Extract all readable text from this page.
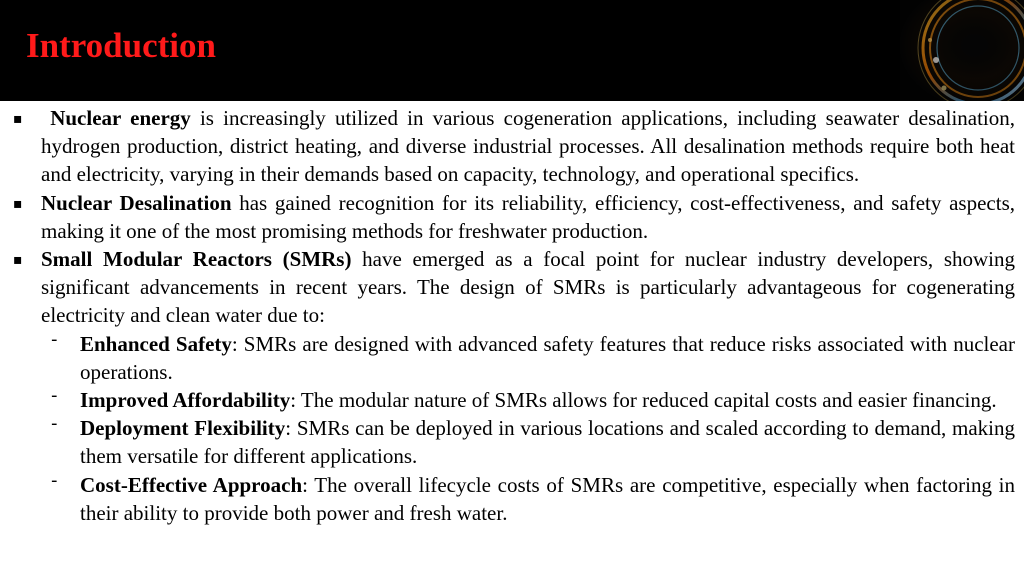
Introduction
▪ Nuclear energy is increasingly utilized in various cogeneration applications, including seawater desalination, hydrogen production, district heating, and diverse industrial processes. All desalination methods require both heat and electricity, varying in their demands based on capacity, technology, and operational specifics.
▪ Nuclear Desalination has gained recognition for its reliability, efficiency, cost-effectiveness, and safety aspects, making it one of the most promising methods for freshwater production.
▪ Small Modular Reactors (SMRs) have emerged as a focal point for nuclear industry developers, showing significant advancements in recent years. The design of SMRs is particularly advantageous for cogenerating electricity and clean water due to:
- Enhanced Safety: SMRs are designed with advanced safety features that reduce risks associated with nuclear operations.
- Improved Affordability: The modular nature of SMRs allows for reduced capital costs and easier financing.
- Deployment Flexibility: SMRs can be deployed in various locations and scaled according to demand, making them versatile for different applications.
- Cost-Effective Approach: The overall lifecycle costs of SMRs are competitive, especially when factoring in their ability to provide both power and fresh water.
